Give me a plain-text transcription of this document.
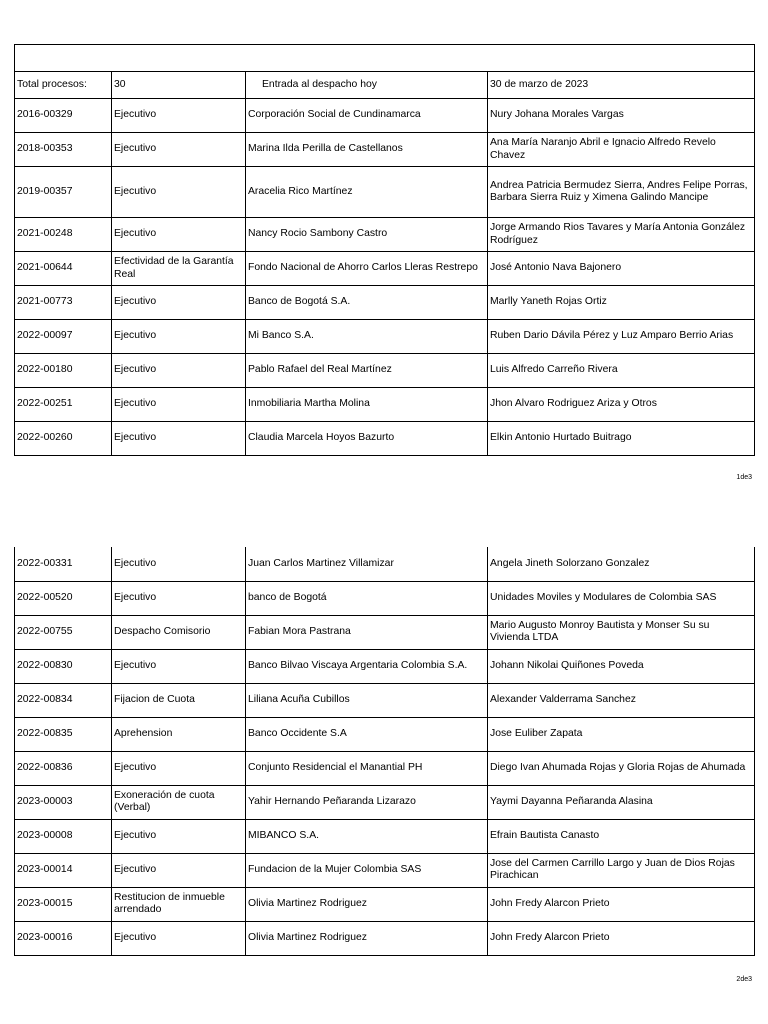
Total procesos:	30	Entrada al despacho hoy	30 de marzo de 2023
2016-00329	Ejecutivo	Corporación Social de Cundinamarca	Nury Johana Morales Vargas
2018-00353	Ejecutivo	Marina Ilda Perilla de Castellanos	Ana María Naranjo Abril e Ignacio Alfredo Revelo Chavez
2019-00357	Ejecutivo	Aracelia Rico Martínez	Andrea Patricia Bermudez Sierra, Andres Felipe Porras, Barbara Sierra Ruiz y Ximena Galindo Mancipe
2021-00248	Ejecutivo	Nancy Rocio Sambony Castro	Jorge Armando Rios Tavares y María Antonia González Rodríguez
2021-00644	Efectividad de la Garantía Real	Fondo Nacional de Ahorro Carlos Lleras Restrepo	José Antonio Nava Bajonero
2021-00773	Ejecutivo	Banco de Bogotá S.A.	Marlly Yaneth Rojas Ortiz
2022-00097	Ejecutivo	Mi Banco S.A.	Ruben Dario Dávila Pérez y Luz Amparo Berrio Arias
2022-00180	Ejecutivo	Pablo Rafael del Real Martínez	Luis Alfredo Carreño Rivera
2022-00251	Ejecutivo	Inmobiliaria Martha Molina	Jhon Alvaro Rodriguez Ariza y Otros
2022-00260	Ejecutivo	Claudia Marcela Hoyos Bazurto	Elkin Antonio Hurtado Buitrago
1de3
2022-00331	Ejecutivo	Juan Carlos Martinez Villamizar	Angela Jineth Solorzano Gonzalez
2022-00520	Ejecutivo	banco de Bogotá	Unidades Moviles y Modulares de Colombia SAS
2022-00755	Despacho Comisorio	Fabian Mora Pastrana	Mario Augusto Monroy Bautista y Monser Su su Vivienda LTDA
2022-00830	Ejecutivo	Banco Bilvao Viscaya Argentaria Colombia S.A.	Johann Nikolai Quiñones Poveda
2022-00834	Fijacion de Cuota	Liliana Acuña Cubillos	Alexander Valderrama Sanchez
2022-00835	Aprehension	Banco Occidente S.A	Jose Euliber Zapata
2022-00836	Ejecutivo	Conjunto Residencial el Manantial PH	Diego Ivan Ahumada Rojas y Gloria Rojas de Ahumada
2023-00003	Exoneración de cuota (Verbal)	Yahir Hernando Peñaranda Lizarazo	Yaymi Dayanna Peñaranda Alasina
2023-00008	Ejecutivo	MIBANCO S.A.	Efrain Bautista Canasto
2023-00014	Ejecutivo	Fundacion de la Mujer Colombia SAS	Jose del Carmen Carrillo Largo y Juan de Dios Rojas Pirachican
2023-00015	Restitucion de inmueble arrendado	Olivia Martinez Rodriguez	John Fredy Alarcon Prieto
2023-00016	Ejecutivo	Olivia Martinez Rodriguez	John Fredy Alarcon Prieto
2de3
